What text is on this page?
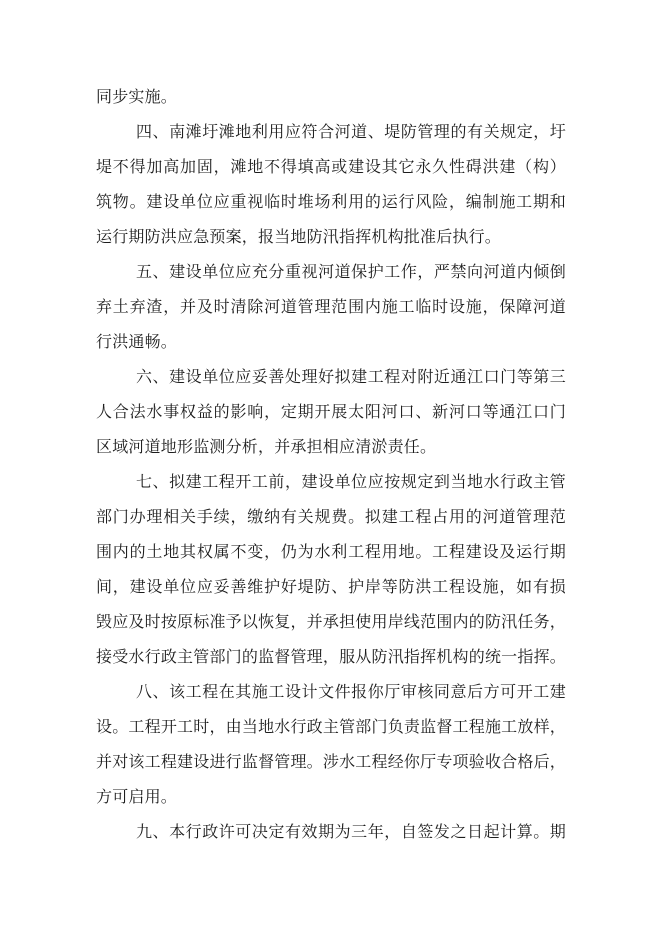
同步实施。
四、南滩圩滩地利用应符合河道、堤防管理的有关规定，圩
堤不得加高加固，滩地不得填高或建设其它永久性碍洪建（构）
筑物。建设单位应重视临时堆场利用的运行风险，编制施工期和
运行期防洪应急预案，报当地防汛指挥机构批准后执行。
五、建设单位应充分重视河道保护工作，严禁向河道内倾倒
弃土弃渣，并及时清除河道管理范围内施工临时设施，保障河道
行洪通畅。
六、建设单位应妥善处理好拟建工程对附近通江口门等第三
人合法水事权益的影响，定期开展太阳河口、新河口等通江口门
区域河道地形监测分析，并承担相应清淤责任。
七、拟建工程开工前，建设单位应按规定到当地水行政主管
部门办理相关手续，缴纳有关规费。拟建工程占用的河道管理范
围内的土地其权属不变，仍为水利工程用地。工程建设及运行期
间，建设单位应妥善维护好堤防、护岸等防洪工程设施，如有损
毁应及时按原标准予以恢复，并承担使用岸线范围内的防汛任务，
接受水行政主管部门的监督管理，服从防汛指挥机构的统一指挥。
八、该工程在其施工设计文件报你厅审核同意后方可开工建
设。工程开工时，由当地水行政主管部门负责监督工程施工放样，
并对该工程建设进行监督管理。涉水工程经你厅专项验收合格后，
方可启用。
九、本行政许可决定有效期为三年，自签发之日起计算。期
